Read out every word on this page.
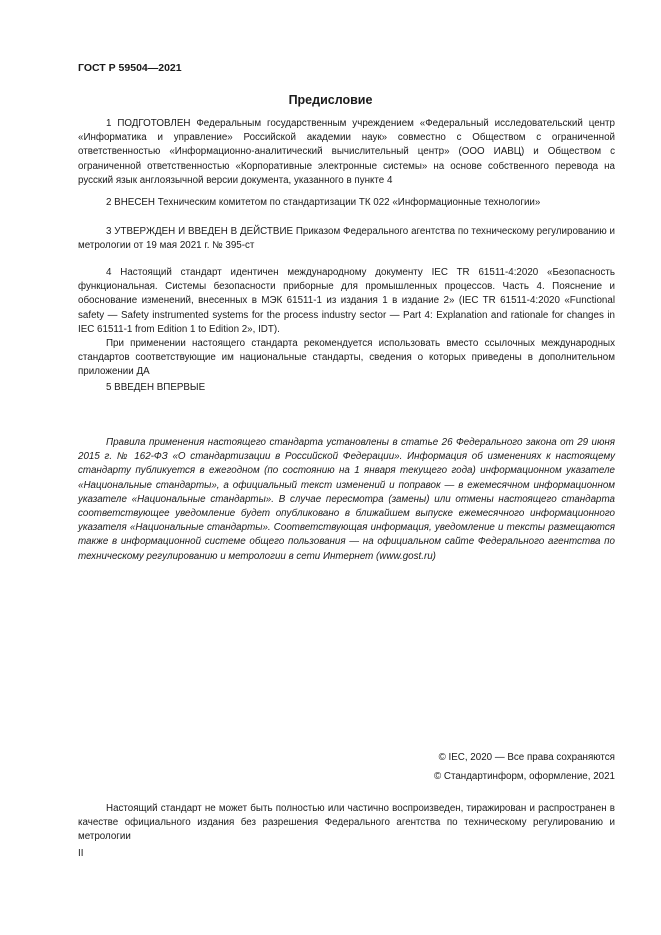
ГОСТ Р 59504—2021
Предисловие

1 ПОДГОТОВЛЕН Федеральным государственным учреждением «Федеральный исследовательский центр «Информатика и управление» Российской академии наук» совместно с Обществом с ограниченной ответственностью «Информационно-аналитический вычислительный центр» (ООО ИАВЦ) и Обществом с ограниченной ответственностью «Корпоративные электронные системы» на основе собственного перевода на русский язык англоязычной версии документа, указанного в пункте 4

2 ВНЕСЕН Техническим комитетом по стандартизации ТК 022 «Информационные технологии»

3 УТВЕРЖДЕН И ВВЕДЕН В ДЕЙСТВИЕ Приказом Федерального агентства по техническому регулированию и метрологии от 19 мая 2021 г. № 395-ст

4 Настоящий стандарт идентичен международному документу IEC TR 61511-4:2020 «Безопасность функциональная. Системы безопасности приборные для промышленных процессов. Часть 4. Пояснение и обоснование изменений, внесенных в МЭК 61511-1 из издания 1 в издание 2» (IEC TR 61511-4:2020 «Functional safety — Safety instrumented systems for the process industry sector — Part 4: Explanation and rationale for changes in IEC 61511-1 from Edition 1 to Edition 2», IDT).

При применении настоящего стандарта рекомендуется использовать вместо ссылочных международных стандартов соответствующие им национальные стандарты, сведения о которых приведены в дополнительном приложении ДА

5 ВВЕДЕН ВПЕРВЫЕ

Правила применения настоящего стандарта установлены в статье 26 Федерального закона от 29 июня 2015 г. № 162-ФЗ «О стандартизации в Российской Федерации». Информация об изменениях к настоящему стандарту публикуется в ежегодном (по состоянию на 1 января текущего года) информационном указателе «Национальные стандарты», а официальный текст изменений и поправок — в ежемесячном информационном указателе «Национальные стандарты». В случае пересмотра (замены) или отмены настоящего стандарта соответствующее уведомление будет опубликовано в ближайшем выпуске ежемесячного информационного указателя «Национальные стандарты». Соответствующая информация, уведомление и тексты размещаются также в информационной системе общего пользования — на официальном сайте Федерального агентства по техническому регулированию и метрологии в сети Интернет (www.gost.ru)

© IEC, 2020 — Все права сохраняются
© Стандартинформ, оформление, 2021

Настоящий стандарт не может быть полностью или частично воспроизведен, тиражирован и распространен в качестве официального издания без разрешения Федерального агентства по техническому регулированию и метрологии

II
